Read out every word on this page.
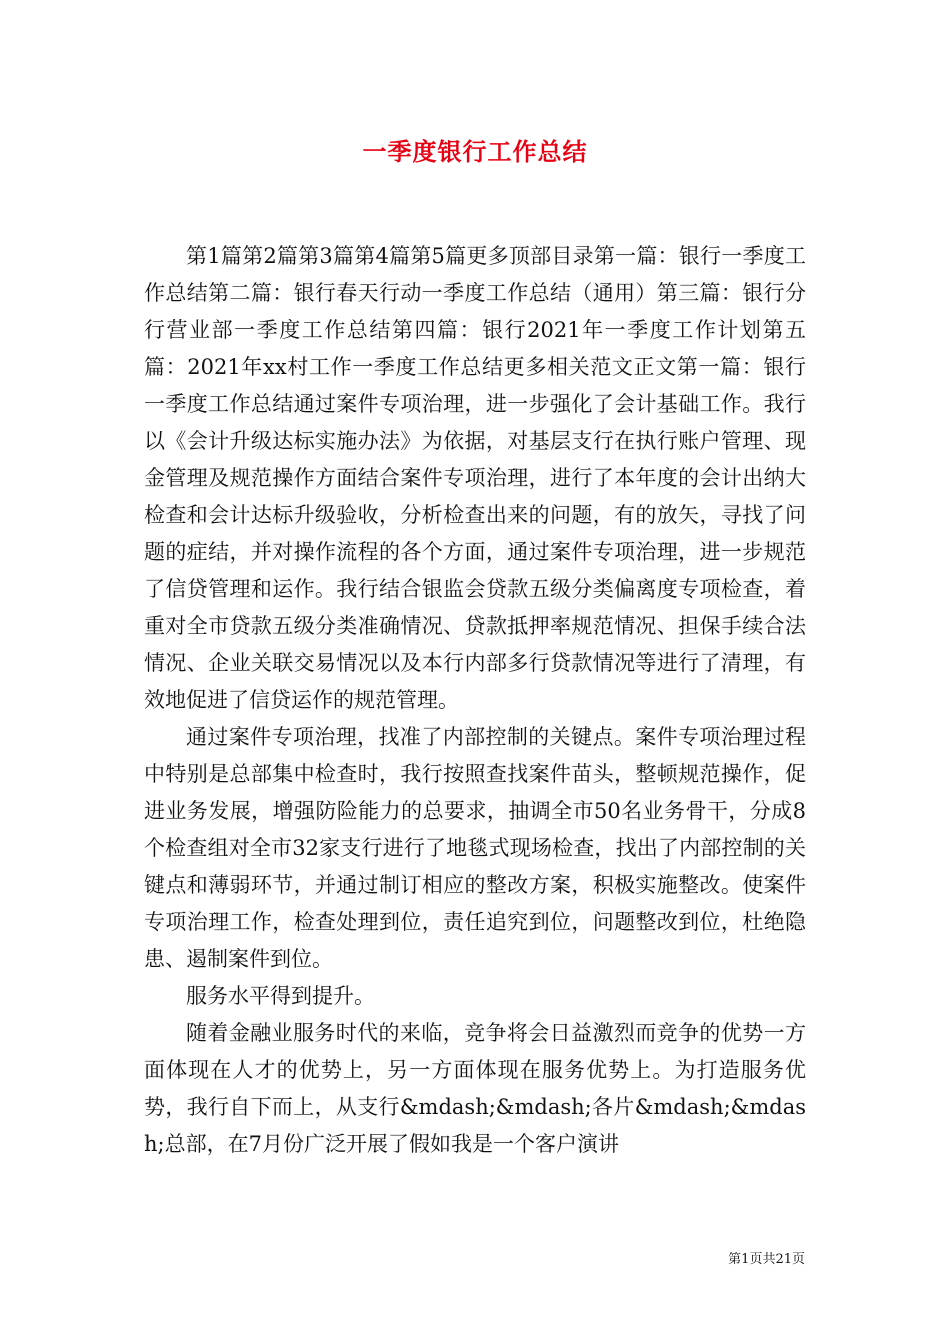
一季度银行工作总结

第1篇第2篇第3篇第4篇第5篇更多顶部目录第一篇：银行一季度工作总结第二篇：银行春天行动一季度工作总结（通用）第三篇：银行分行营业部一季度工作总结第四篇：银行2021年一季度工作计划第五篇：2021年xx村工作一季度工作总结更多相关范文正文第一篇：银行一季度工作总结通过案件专项治理，进一步强化了会计基础工作。我行以《会计升级达标实施办法》为依据，对基层支行在执行账户管理、现金管理及规范操作方面结合案件专项治理，进行了本年度的会计出纳大检查和会计达标升级验收，分析检查出来的问题，有的放矢，寻找了问题的症结，并对操作流程的各个方面，通过案件专项治理，进一步规范了信贷管理和运作。我行结合银监会贷款五级分类偏离度专项检查，着重对全市贷款五级分类准确情况、贷款抵押率规范情况、担保手续合法情况、企业关联交易情况以及本行内部多行贷款情况等进行了清理，有效地促进了信贷运作的规范管理。

通过案件专项治理，找准了内部控制的关键点。案件专项治理过程中特别是总部集中检查时，我行按照查找案件苗头，整顿规范操作，促进业务发展，增强防险能力的总要求，抽调全市50名业务骨干，分成8个检查组对全市32家支行进行了地毯式现场检查，找出了内部控制的关键点和薄弱环节，并通过制订相应的整改方案，积极实施整改。使案件专项治理工作，检查处理到位，责任追究到位，问题整改到位，杜绝隐患、遏制案件到位。

服务水平得到提升。

随着金融业服务时代的来临，竞争将会日益激烈而竞争的优势一方面体现在人才的优势上，另一方面体现在服务优势上。为打造服务优势，我行自下而上，从支行&mdash;&mdash;各片&mdash;&mdash;总部，在7月份广泛开展了假如我是一个客户演讲

第1页共21页
